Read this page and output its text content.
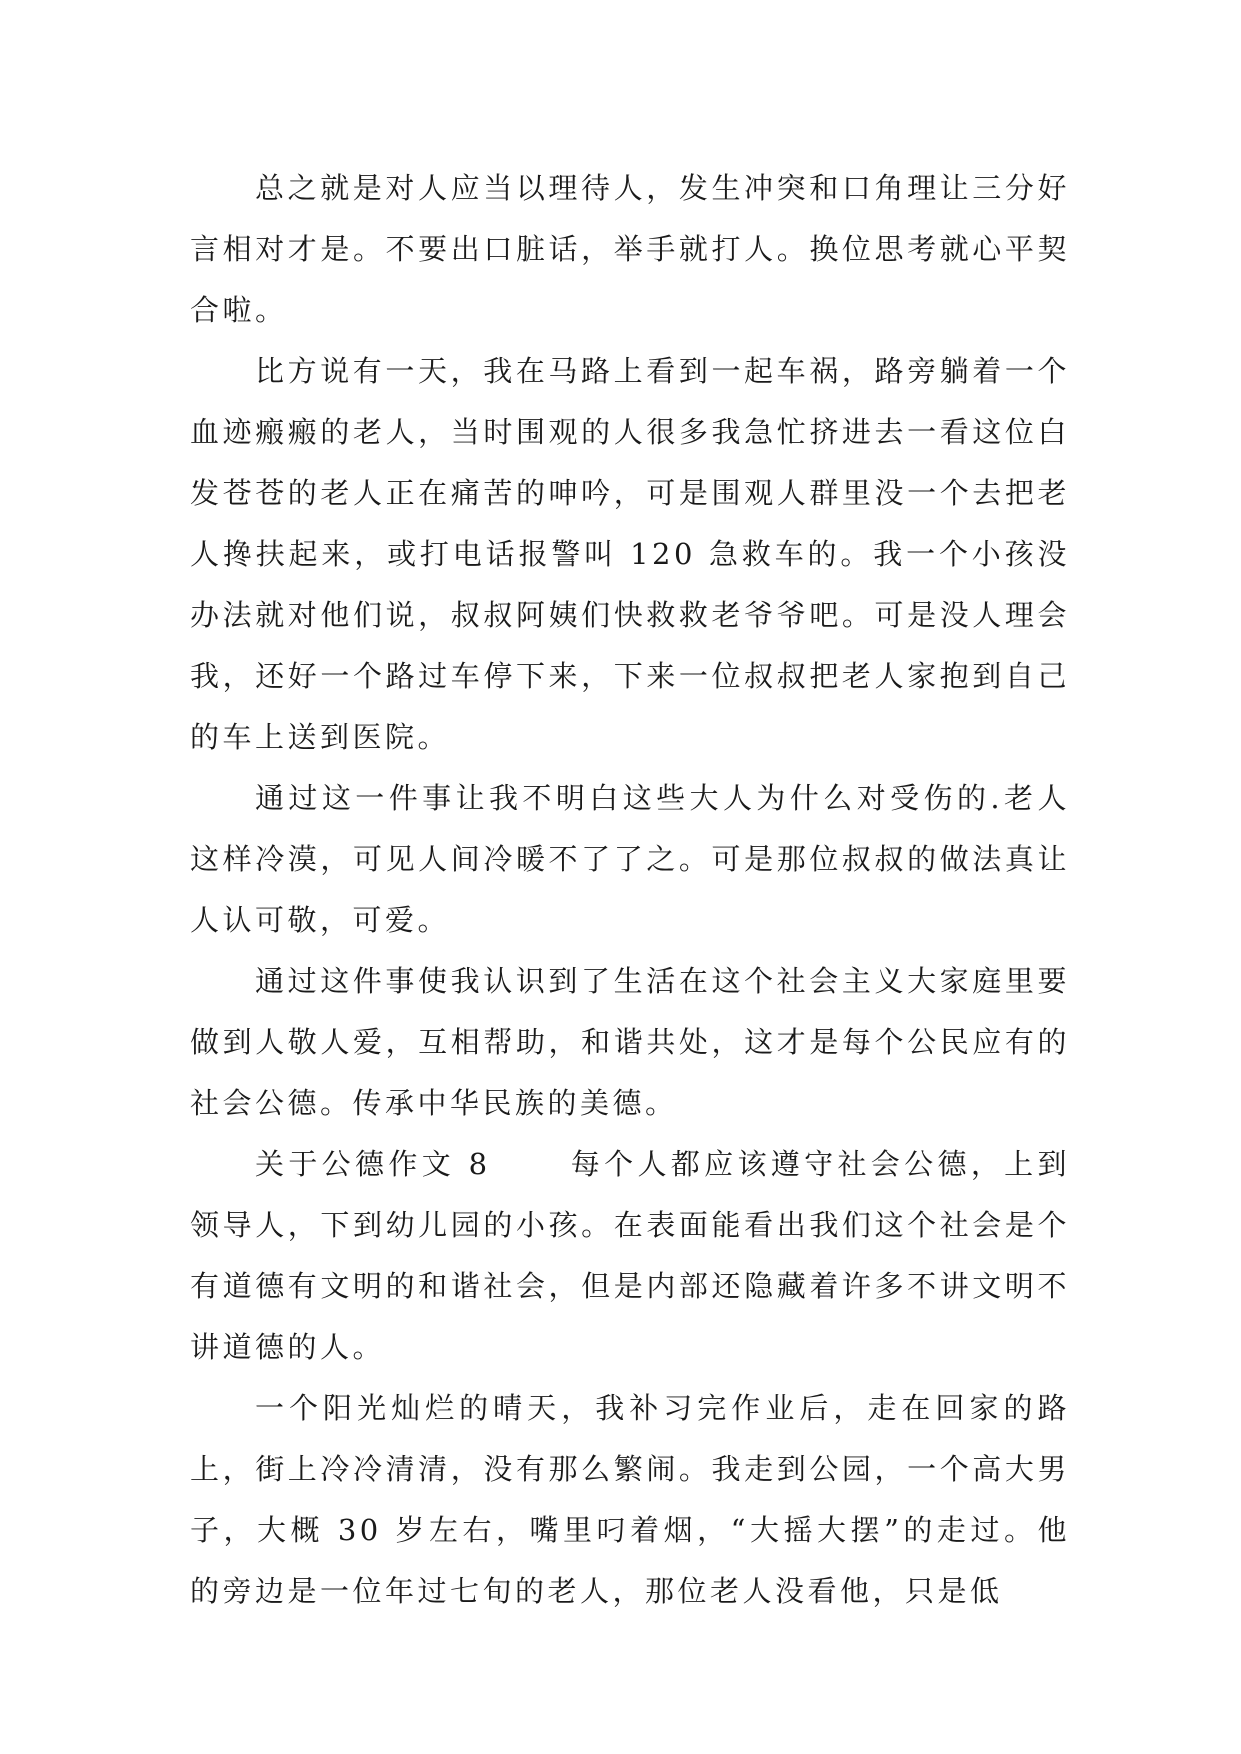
总之就是对人应当以理待人，发生冲突和口角理让三分好言相对才是。不要出口脏话，举手就打人。换位思考就心平契合啦。

比方说有一天，我在马路上看到一起车祸，路旁躺着一个血迹瘢瘢的老人，当时围观的人很多我急忙挤进去一看这位白发苍苍的老人正在痛苦的呻吟，可是围观人群里没一个去把老人搀扶起来，或打电话报警叫 120 急救车的。我一个小孩没办法就对他们说，叔叔阿姨们快救救老爷爷吧。可是没人理会我，还好一个路过车停下来，下来一位叔叔把老人家抱到自己的车上送到医院。

通过这一件事让我不明白这些大人为什么对受伤的.老人这样冷漠，可见人间冷暖不了了之。可是那位叔叔的做法真让人认可敬，可爱。

通过这件事使我认识到了生活在这个社会主义大家庭里要做到人敬人爱，互相帮助，和谐共处，这才是每个公民应有的社会公德。传承中华民族的美德。

关于公德作文 8 　　每个人都应该遵守社会公德，上到领导人，下到幼儿园的小孩。在表面能看出我们这个社会是个有道德有文明的和谐社会，但是内部还隐藏着许多不讲文明不讲道德的人。

一个阳光灿烂的晴天，我补习完作业后，走在回家的路上，街上冷冷清清，没有那么繁闹。我走到公园，一个高大男子，大概 30 岁左右，嘴里叼着烟，“大摇大摆”的走过。他的旁边是一位年过七旬的老人，那位老人没看他，只是低
